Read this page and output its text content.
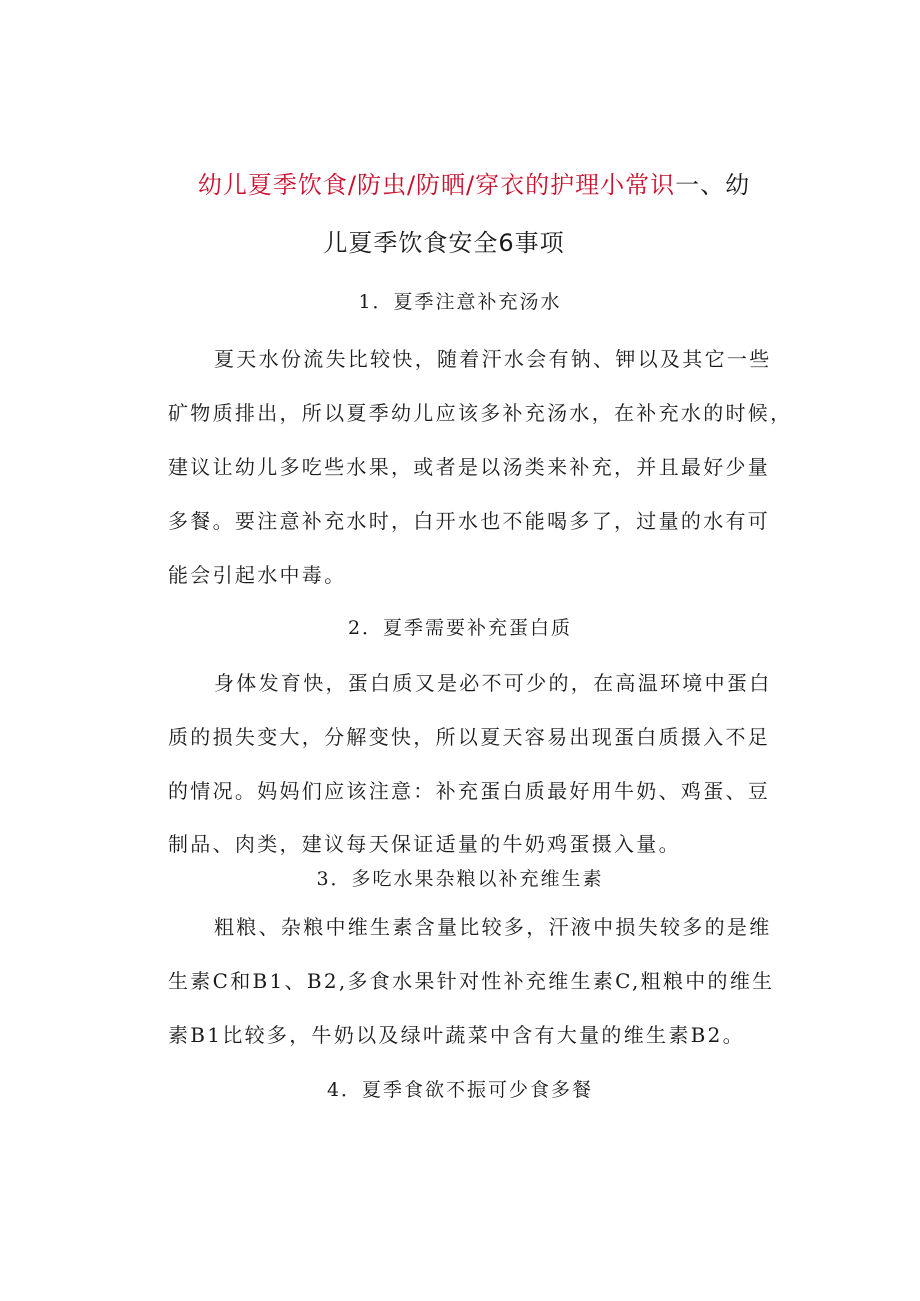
幼儿夏季饮食/防虫/防晒/穿衣的护理小常识一、幼
儿夏季饮食安全6事项
1．夏季注意补充汤水
夏天水份流失比较快，随着汗水会有钠、钾以及其它一些
矿物质排出，所以夏季幼儿应该多补充汤水，在补充水的时候，
建议让幼儿多吃些水果，或者是以汤类来补充，并且最好少量
多餐。要注意补充水时，白开水也不能喝多了，过量的水有可
能会引起水中毒。
2．夏季需要补充蛋白质
身体发育快，蛋白质又是必不可少的，在高温环境中蛋白
质的损失变大，分解变快，所以夏天容易出现蛋白质摄入不足
的情况。妈妈们应该注意：补充蛋白质最好用牛奶、鸡蛋、豆
制品、肉类，建议每天保证适量的牛奶鸡蛋摄入量。
3．多吃水果杂粮以补充维生素
粗粮、杂粮中维生素含量比较多，汗液中损失较多的是维
生素C和B1、B2,多食水果针对性补充维生素C,粗粮中的维生
素B1比较多，牛奶以及绿叶蔬菜中含有大量的维生素B2。
4．夏季食欲不振可少食多餐
